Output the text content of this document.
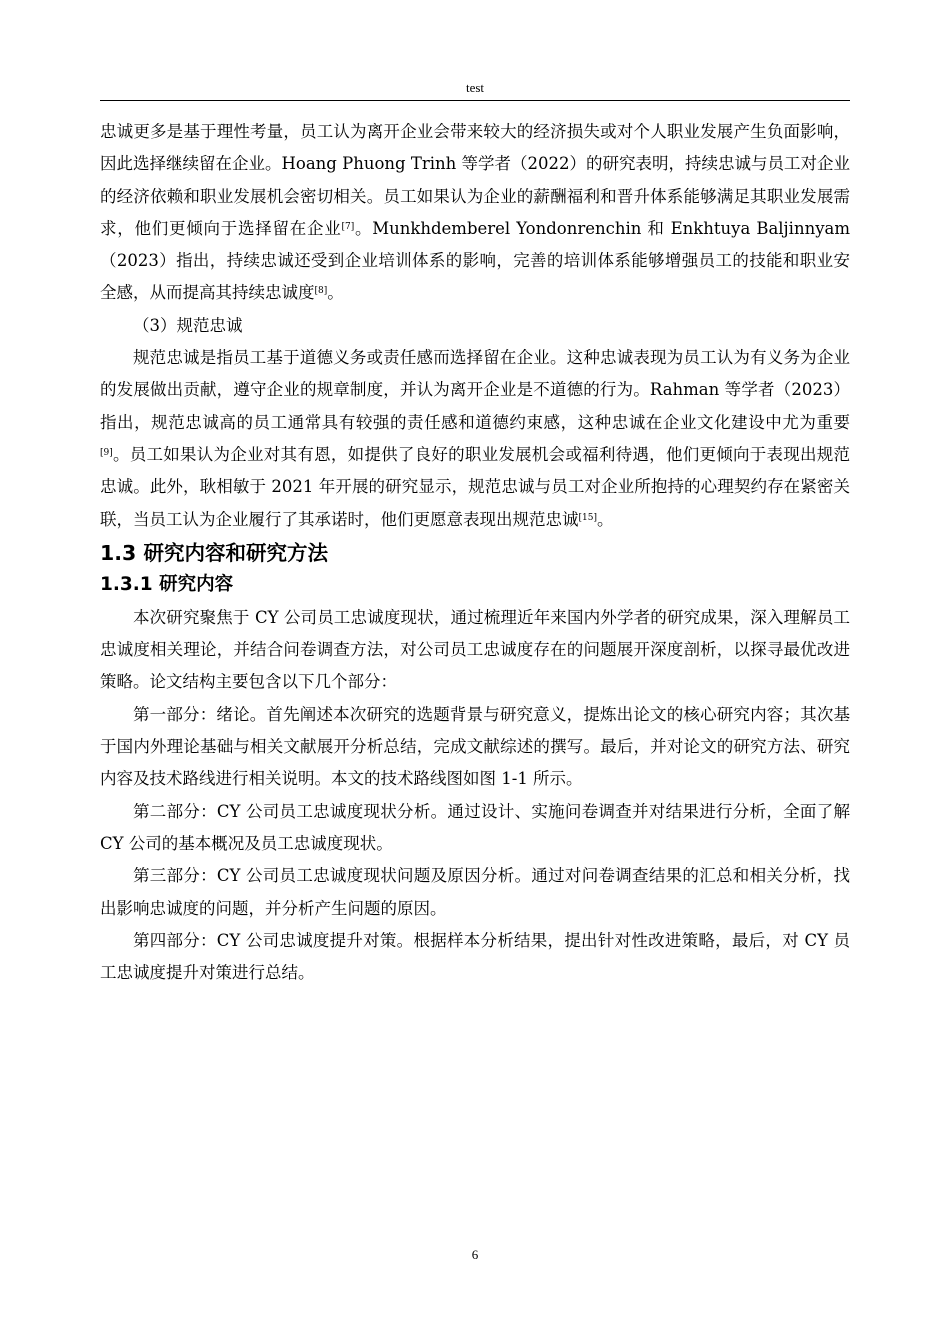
test

忠诚更多是基于理性考量，员工认为离开企业会带来较大的经济损失或对个人职业发展产生负面影响，因此选择继续留在企业。Hoang Phuong Trinh 等学者（2022）的研究表明，持续忠诚与员工对企业的经济依赖和职业发展机会密切相关。员工如果认为企业的薪酬福利和晋升体系能够满足其职业发展需求，他们更倾向于选择留在企业[7]。Munkhdemberel Yondonrenchin 和 Enkhtuya Baljinnyam（2023）指出，持续忠诚还受到企业培训体系的影响，完善的培训体系能够增强员工的技能和职业安全感，从而提高其持续忠诚度[8]。

（3）规范忠诚

规范忠诚是指员工基于道德义务或责任感而选择留在企业。这种忠诚表现为员工认为有义务为企业的发展做出贡献，遵守企业的规章制度，并认为离开企业是不道德的行为。Rahman 等学者（2023）指出，规范忠诚高的员工通常具有较强的责任感和道德约束感，这种忠诚在企业文化建设中尤为重要[9]。员工如果认为企业对其有恩，如提供了良好的职业发展机会或福利待遇，他们更倾向于表现出规范忠诚。此外，耿相敏于 2021 年开展的研究显示，规范忠诚与员工对企业所抱持的心理契约存在紧密关联，当员工认为企业履行了其承诺时，他们更愿意表现出规范忠诚[15]。

1.3 研究内容和研究方法
1.3.1 研究内容

本次研究聚焦于 CY 公司员工忠诚度现状，通过梳理近年来国内外学者的研究成果，深入理解员工忠诚度相关理论，并结合问卷调查方法，对公司员工忠诚度存在的问题展开深度剖析，以探寻最优改进策略。论文结构主要包含以下几个部分：

第一部分：绪论。首先阐述本次研究的选题背景与研究意义，提炼出论文的核心研究内容；其次基于国内外理论基础与相关文献展开分析总结，完成文献综述的撰写。最后，并对论文的研究方法、研究内容及技术路线进行相关说明。本文的技术路线图如图 1-1 所示。

第二部分：CY 公司员工忠诚度现状分析。通过设计、实施问卷调查并对结果进行分析，全面了解 CY 公司的基本概况及员工忠诚度现状。

第三部分：CY 公司员工忠诚度现状问题及原因分析。通过对问卷调查结果的汇总和相关分析，找出影响忠诚度的问题，并分析产生问题的原因。

第四部分：CY 公司忠诚度提升对策。根据样本分析结果，提出针对性改进策略，最后，对 CY 员工忠诚度提升对策进行总结。

6
